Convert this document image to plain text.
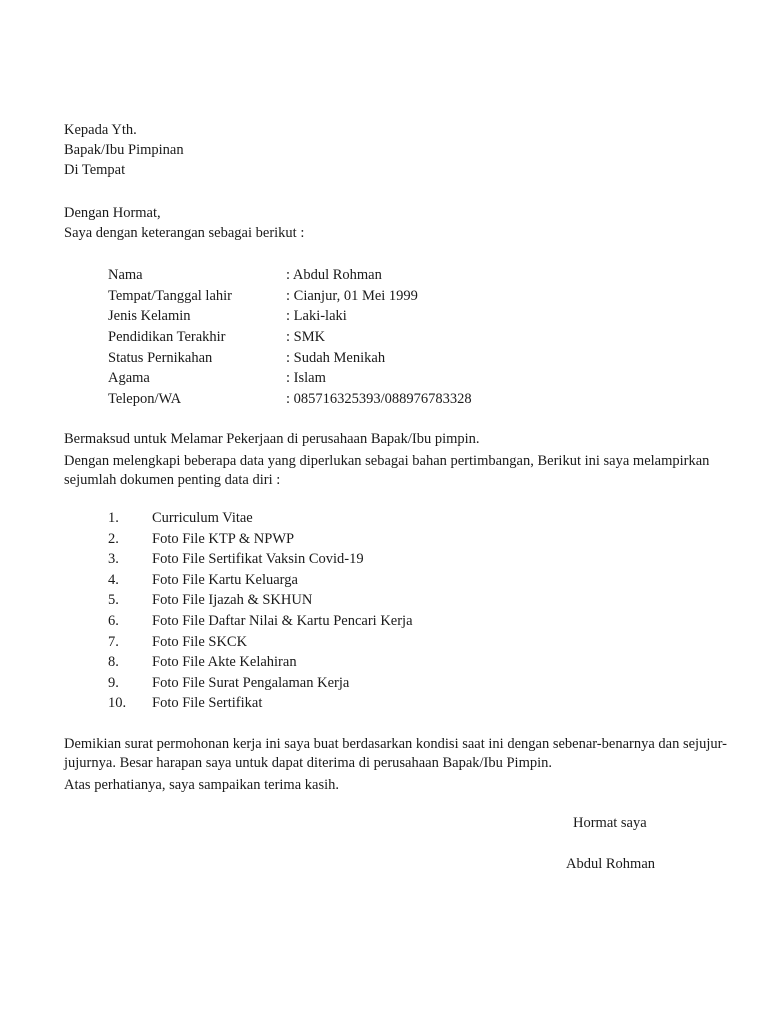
Kepada Yth.
Bapak/Ibu Pimpinan
Di Tempat
Dengan Hormat,
Saya dengan keterangan sebagai berikut :
Nama	: Abdul Rohman
Tempat/Tanggal lahir	: Cianjur, 01 Mei 1999
Jenis Kelamin	: Laki-laki
Pendidikan Terakhir	: SMK
Status Pernikahan	: Sudah Menikah
Agama	: Islam
Telepon/WA	: 085716325393/088976783328
Bermaksud untuk Melamar Pekerjaan di perusahaan Bapak/Ibu pimpin.
Dengan melengkapi beberapa data yang diperlukan sebagai bahan pertimbangan, Berikut ini saya melampirkan
sejumlah dokumen penting data diri :
1. Curriculum Vitae
2. Foto File KTP & NPWP
3. Foto File Sertifikat Vaksin Covid-19
4. Foto File Kartu Keluarga
5. Foto File Ijazah & SKHUN
6. Foto File Daftar Nilai & Kartu Pencari Kerja
7. Foto File SKCK
8. Foto File Akte Kelahiran
9. Foto File Surat Pengalaman Kerja
10. Foto File Sertifikat
Demikian surat permohonan kerja ini saya buat berdasarkan kondisi saat ini dengan sebenar-benarnya dan sejujur-
jujurnya. Besar harapan saya untuk dapat diterima di perusahaan Bapak/Ibu Pimpin.
Atas perhatianya, saya sampaikan terima kasih.
Hormat saya
Abdul Rohman
